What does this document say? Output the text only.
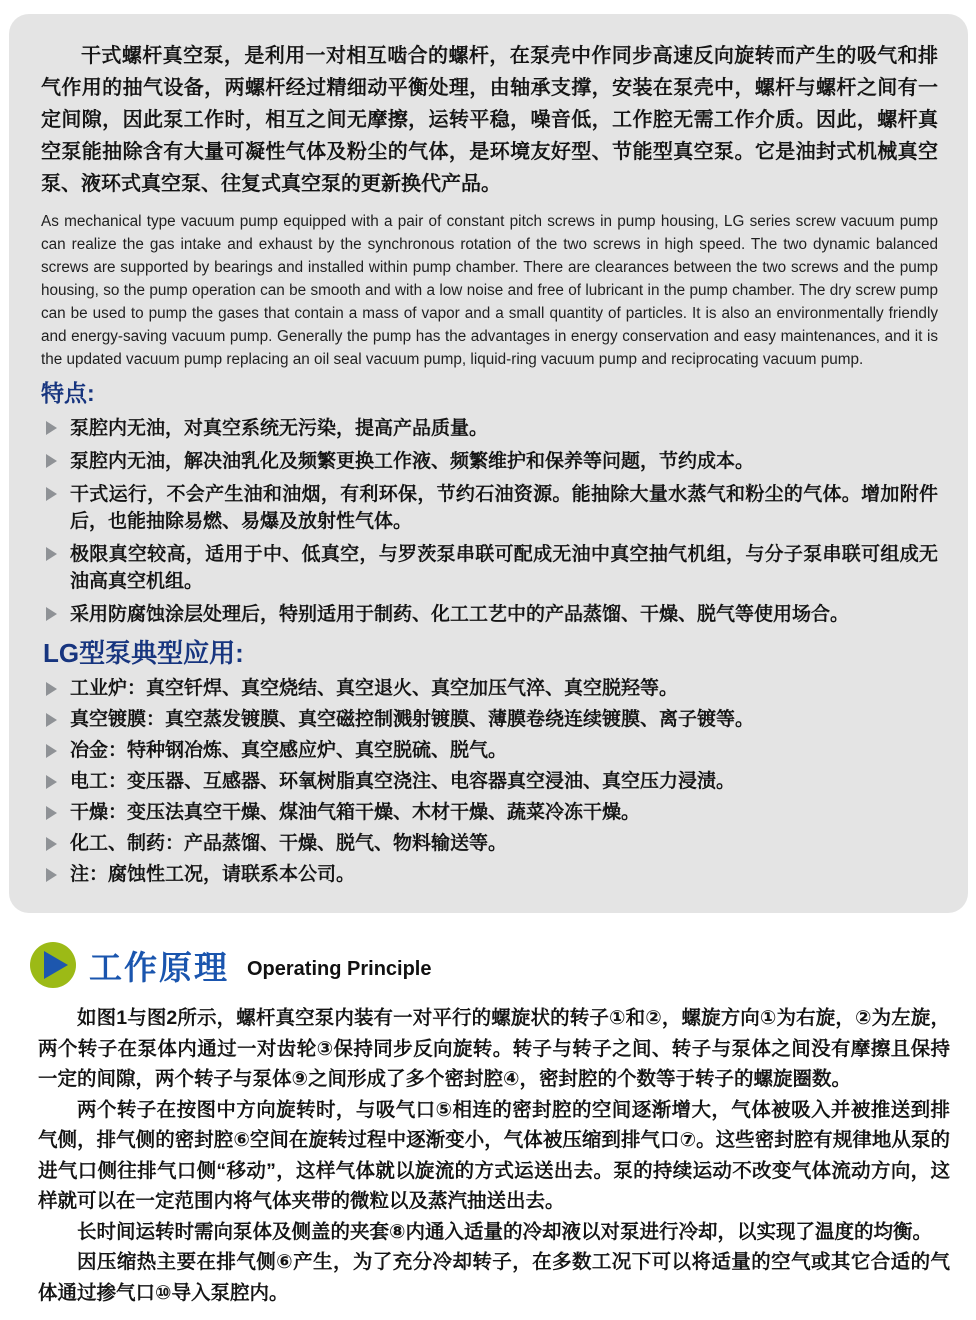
干式螺杆真空泵，是利用一对相互啮合的螺杆，在泵壳中作同步高速反向旋转而产生的吸气和排气作用的抽气设备，两螺杆经过精细动平衡处理，由轴承支撑，安装在泵壳中，螺杆与螺杆之间有一定间隙，因此泵工作时，相互之间无摩擦，运转平稳，噪音低，工作腔无需工作介质。因此，螺杆真空泵能抽除含有大量可凝性气体及粉尘的气体，是环境友好型、节能型真空泵。它是油封式机械真空泵、液环式真空泵、往复式真空泵的更新换代产品。

As mechanical type vacuum pump equipped with a pair of constant pitch screws in pump housing, LG series screw vacuum pump can realize the gas intake and exhaust by the synchronous rotation of the two screws in high speed. The two dynamic balanced screws are supported by bearings and installed within pump chamber. There are clearances between the two screws and the pump housing, so the pump operation can be smooth and with a low noise and free of lubricant in the pump chamber. The dry screw pump can be used to pump the gases that contain a mass of vapor and a small quantity of particles. It is also an environmentally friendly and energy-saving vacuum pump. Generally the pump has the advantages in energy conservation and easy maintenances, and it is the updated vacuum pump replacing an oil seal vacuum pump, liquid-ring vacuum pump and reciprocating vacuum pump.

特点:
泵腔内无油，对真空系统无污染，提高产品质量。
泵腔内无油，解决油乳化及频繁更换工作液、频繁维护和保养等问题，节约成本。
干式运行，不会产生油和油烟，有利环保，节约石油资源。能抽除大量水蒸气和粉尘的气体。增加附件后，也能抽除易燃、易爆及放射性气体。
极限真空较高，适用于中、低真空，与罗茨泵串联可配成无油中真空抽气机组，与分子泵串联可组成无油高真空机组。
采用防腐蚀涂层处理后，特别适用于制药、化工工艺中的产品蒸馏、干燥、脱气等使用场合。
LG型泵典型应用:
工业炉：真空钎焊、真空烧结、真空退火、真空加压气淬、真空脱羟等。
真空镀膜：真空蒸发镀膜、真空磁控制溅射镀膜、薄膜卷绕连续镀膜、离子镀等。
冶金：特种钢冶炼、真空感应炉、真空脱硫、脱气。
电工：变压器、互感器、环氧树脂真空浇注、电容器真空浸油、真空压力浸渍。
干燥：变压法真空干燥、煤油气箱干燥、木材干燥、蔬菜冷冻干燥。
化工、制药：产品蒸馏、干燥、脱气、物料输送等。
注：腐蚀性工况，请联系本公司。
工作原理 Operating Principle

如图1与图2所示，螺杆真空泵内装有一对平行的螺旋状的转子①和②，螺旋方向①为右旋，②为左旋，两个转子在泵体内通过一对齿轮③保持同步反向旋转。转子与转子之间、转子与泵体之间没有摩擦且保持一定的间隙，两个转子与泵体⑨之间形成了多个密封腔④，密封腔的个数等于转子的螺旋圈数。

两个转子在按图中方向旋转时，与吸气口⑤相连的密封腔的空间逐渐增大，气体被吸入并被推送到排气侧，排气侧的密封腔⑥空间在旋转过程中逐渐变小，气体被压缩到排气口⑦。这些密封腔有规律地从泵的进气口侧往排气口侧“移动”，这样气体就以旋流的方式运送出去。泵的持续运动不改变气体流动方向，这样就可以在一定范围内将气体夹带的微粒以及蒸汽抽送出去。

长时间运转时需向泵体及侧盖的夹套⑧内通入适量的冷却液以对泵进行冷却，以实现了温度的均衡。

因压缩热主要在排气侧⑥产生，为了充分冷却转子，在多数工况下可以将适量的空气或其它合适的气体通过掺气口⑩导入泵腔内。
